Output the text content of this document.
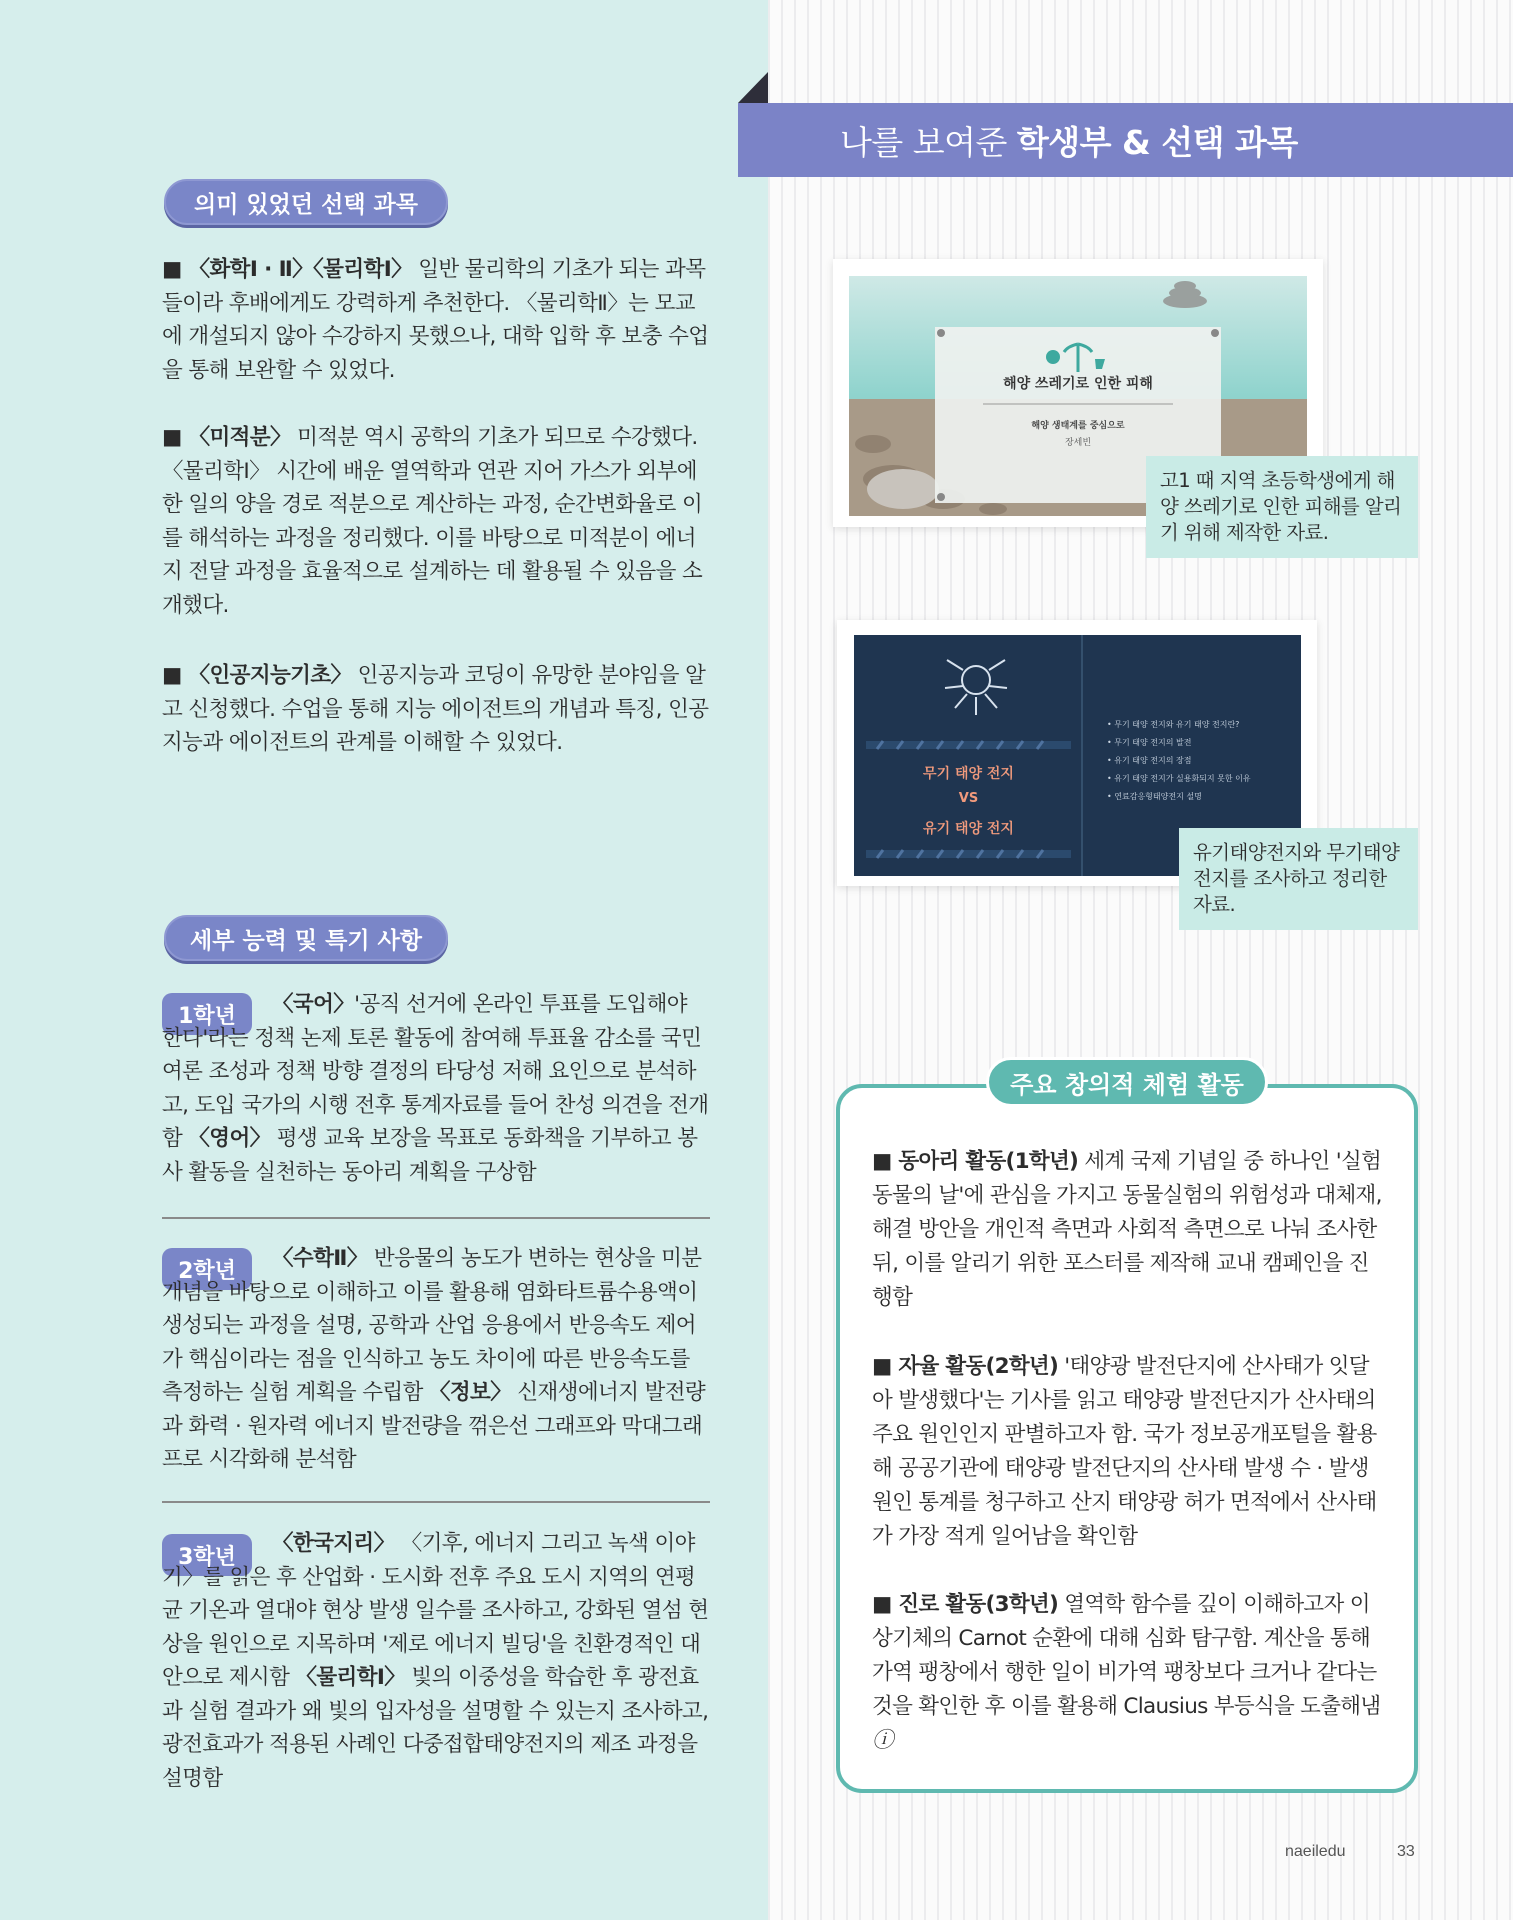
나를 보여준 학생부 & 선택 과목
의미 있었던 선택 과목
■ 〈화학Ⅰ · Ⅱ〉〈물리학Ⅰ〉 일반 물리학의 기초가 되는 과목들이라 후배에게도 강력하게 추천한다. 〈물리학Ⅱ〉는 모교에 개설되지 않아 수강하지 못했으나, 대학 입학 후 보충 수업을 통해 보완할 수 있었다.
■ 〈미적분〉 미적분 역시 공학의 기초가 되므로 수강했다. 〈물리학Ⅰ〉 시간에 배운 열역학과 연관 지어 가스가 외부에 한 일의 양을 경로 적분으로 계산하는 과정, 순간변화율로 이를 해석하는 과정을 정리했다. 이를 바탕으로 미적분이 에너지 전달 과정을 효율적으로 설계하는 데 활용될 수 있음을 소개했다.
■ 〈인공지능기초〉 인공지능과 코딩이 유망한 분야임을 알고 신청했다. 수업을 통해 지능 에이전트의 개념과 특징, 인공지능과 에이전트의 관계를 이해할 수 있었다.
세부 능력 및 특기 사항
1학년	〈국어〉'공직 선거에 온라인 투표를 도입해야 한다'라는 정책 논제 토론 활동에 참여해 투표율 감소를 국민 여론 조성과 정책 방향 결정의 타당성 저해 요인으로 분석하고, 도입 국가의 시행 전후 통계자료를 들어 찬성 의견을 전개함 〈영어〉 평생 교육 보장을 목표로 동화책을 기부하고 봉사 활동을 실천하는 동아리 계획을 구상함
2학년	〈수학Ⅱ〉 반응물의 농도가 변하는 현상을 미분 개념을 바탕으로 이해하고 이를 활용해 염화타트륨수용액이 생성되는 과정을 설명, 공학과 산업 응용에서 반응속도 제어가 핵심이라는 점을 인식하고 농도 차이에 따른 반응속도를 측정하는 실험 계획을 수립함 〈정보〉 신재생에너지 발전량과 화력 · 원자력 에너지 발전량을 꺾은선 그래프와 막대그래프로 시각화해 분석함
3학년
〈한국지리〉 〈기후, 에너지 그리고 녹색 이야기〉를 읽은 후 산업화 · 도시화 전후 주요 도시 지역의 연평균 기온과 열대야 현상 발생 일수를 조사하고, 강화된 열섬 현상을 원인으로 지목하며 '제로 에너지 빌딩'을 친환경적인 대안으로 제시함 〈물리학Ⅰ〉 빛의 이중성을 학습한 후 광전효과 실험 결과가 왜 빛의 입자성을 설명할 수 있는지 조사하고, 광전효과가 적용된 사례인 다중접합태양전지의 제조 과정을 설명함
해양 쓰레기로 인한 피해
해양 생태계를 중심으로
장세빈
고1 때 지역 초등학생에게 해양 쓰레기로 인한 피해를 알리기 위해 제작한 자료.
무기 태양 전지
VS
유기 태양 전지
• 무기 태양 전지와 유기 태양 전지란?
• 무기 태양 전지의 발전
• 유기 태양 전지의 장점
• 유기 태양 전지가 실용화되지 못한 이유
• 연료감응형태양전지 설명
유기태양전지와 무기태양전지를 조사하고 정리한 자료.
주요 창의적 체험 활동
■ 동아리 활동(1학년) 세계 국제 기념일 중 하나인 '실험동물의 날'에 관심을 가지고 동물실험의 위험성과 대체재, 해결 방안을 개인적 측면과 사회적 측면으로 나눠 조사한 뒤, 이를 알리기 위한 포스터를 제작해 교내 캠페인을 진행함
■ 자율 활동(2학년) '태양광 발전단지에 산사태가 잇달아 발생했다'는 기사를 읽고 태양광 발전단지가 산사태의 주요 원인인지 판별하고자 함. 국가 정보공개포털을 활용해 공공기관에 태양광 발전단지의 산사태 발생 수 · 발생 원인 통계를 청구하고 산지 태양광 허가 면적에서 산사태가 가장 적게 일어남을 확인함
■ 진로 활동(3학년) 열역학 함수를 깊이 이해하고자 이상기체의 Carnot 순환에 대해 심화 탐구함. 계산을 통해 가역 팽창에서 행한 일이 비가역 팽창보다 크거나 같다는 것을 확인한 후 이를 활용해 Clausius 부등식을 도출해냄 ⓘ
naeiledu	33
